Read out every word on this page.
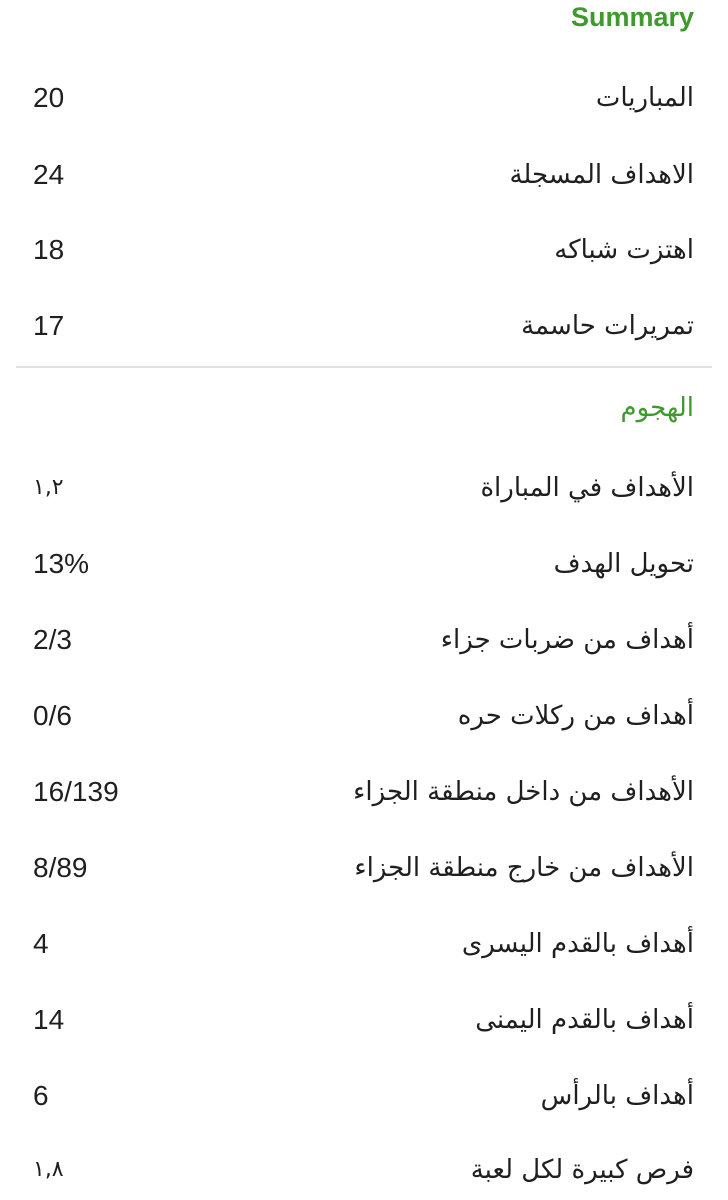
Summary
المباريات
20
الاهداف المسجلة
24
اهتزت شباكه
18
تمريرات حاسمة
17
الهجوم
الأهداف في المباراة
١,٢
تحويل الهدف
13%
أهداف من ضربات جزاء
2/3
أهداف من ركلات حره
0/6
الأهداف من داخل منطقة الجزاء
16/139
الأهداف من خارج منطقة الجزاء
8/89
أهداف بالقدم اليسرى
4
أهداف بالقدم اليمنى
14
أهداف بالرأس
6
فرص كبيرة لكل لعبة
١,٨
